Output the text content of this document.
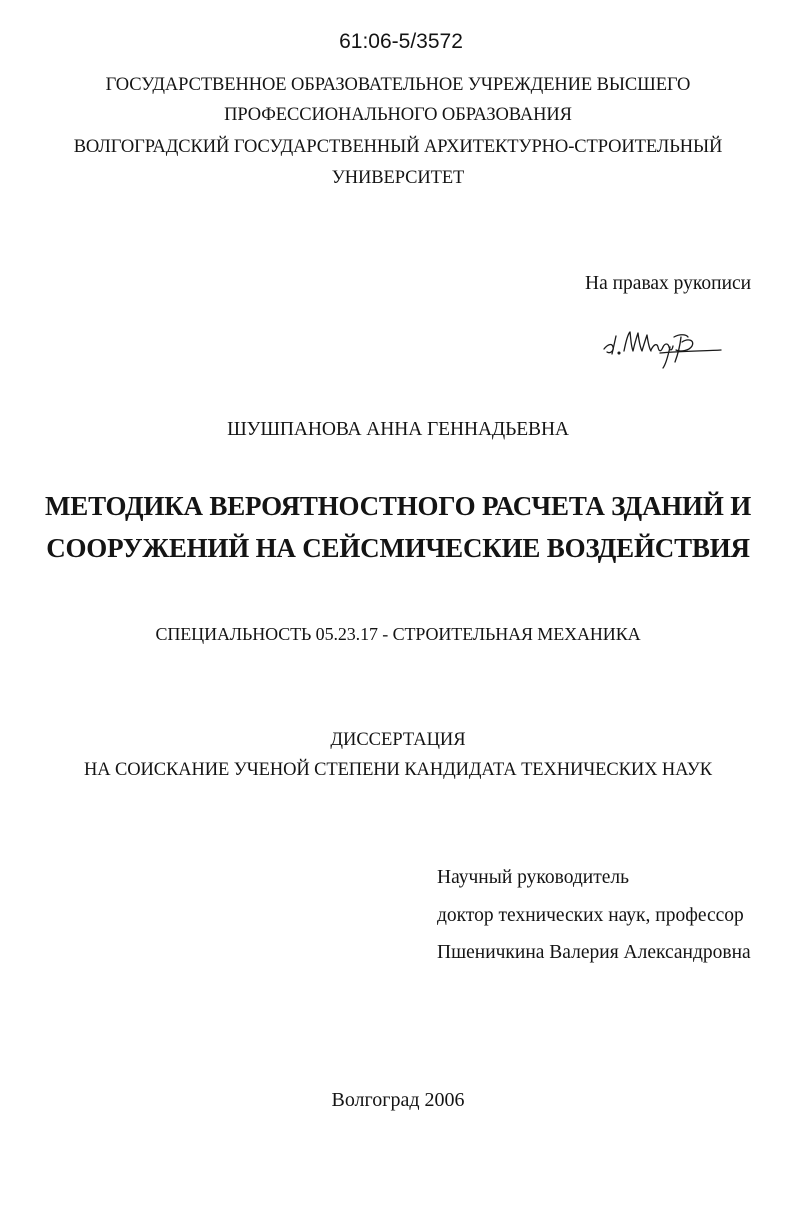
61:06-5/3572
ГОСУДАРСТВЕННОЕ ОБРАЗОВАТЕЛЬНОЕ УЧРЕЖДЕНИЕ ВЫСШЕГО
ПРОФЕССИОНАЛЬНОГО ОБРАЗОВАНИЯ
ВОЛГОГРАДСКИЙ ГОСУДАРСТВЕННЫЙ АРХИТЕКТУРНО-СТРОИТЕЛЬНЫЙ
УНИВЕРСИТЕТ
На правах рукописи
ШУШПАНОВА АННА ГЕННАДЬЕВНА
МЕТОДИКА ВЕРОЯТНОСТНОГО РАСЧЕТА ЗДАНИЙ И
СООРУЖЕНИЙ НА СЕЙСМИЧЕСКИЕ ВОЗДЕЙСТВИЯ
СПЕЦИАЛЬНОСТЬ 05.23.17 - СТРОИТЕЛЬНАЯ МЕХАНИКА
ДИССЕРТАЦИЯ
НА СОИСКАНИЕ УЧЕНОЙ СТЕПЕНИ КАНДИДАТА ТЕХНИЧЕСКИХ НАУК
Научный руководитель
доктор технических наук, профессор
Пшеничкина Валерия Александровна
Волгоград 2006
